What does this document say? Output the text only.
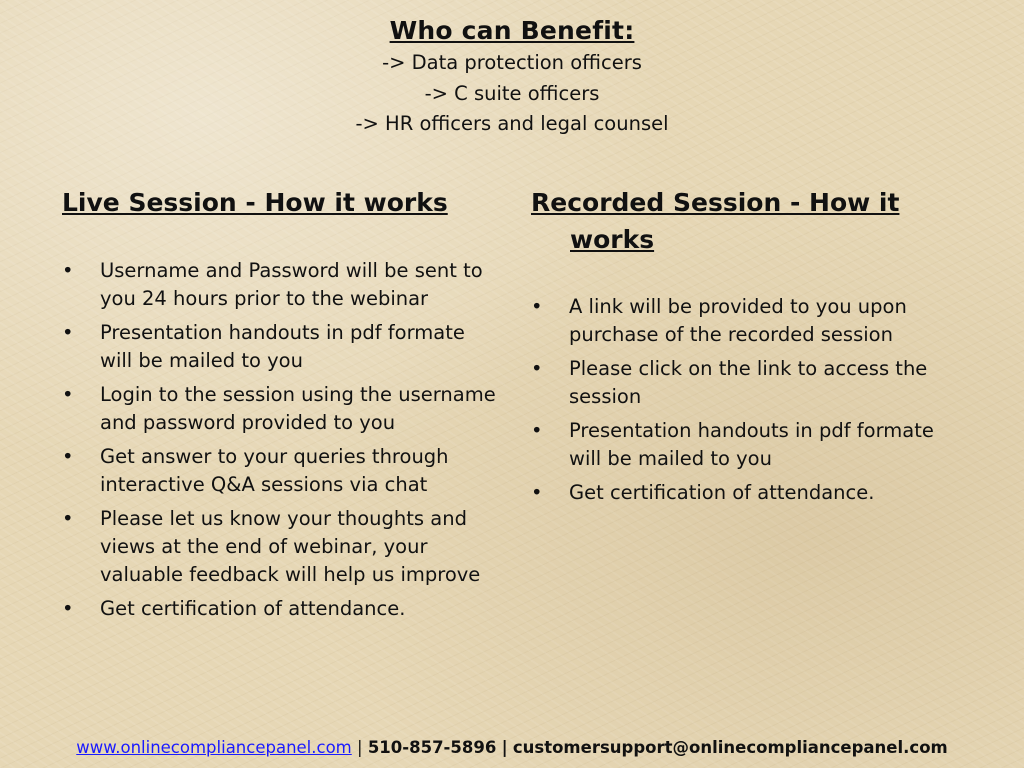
Who can Benefit:
-> Data protection officers
-> C suite officers
-> HR officers and legal counsel
Live Session - How it works
• Username and Password will be sent to you 24 hours prior to the webinar
• Presentation handouts in pdf formate will be mailed to you
• Login to the session using the username and password provided to you
• Get answer to your queries through interactive Q&A sessions via chat
• Please let us know your thoughts and views at the end of webinar, your valuable feedback will help us improve
• Get certification of attendance.
Recorded Session - How it works
• A link will be provided to you upon purchase of the recorded session
• Please click on the link to access the session
• Presentation handouts in pdf formate will be mailed to you
• Get certification of attendance.
www.onlinecompliancepanel.com | 510-857-5896 | customersupport@onlinecompliancepanel.com
